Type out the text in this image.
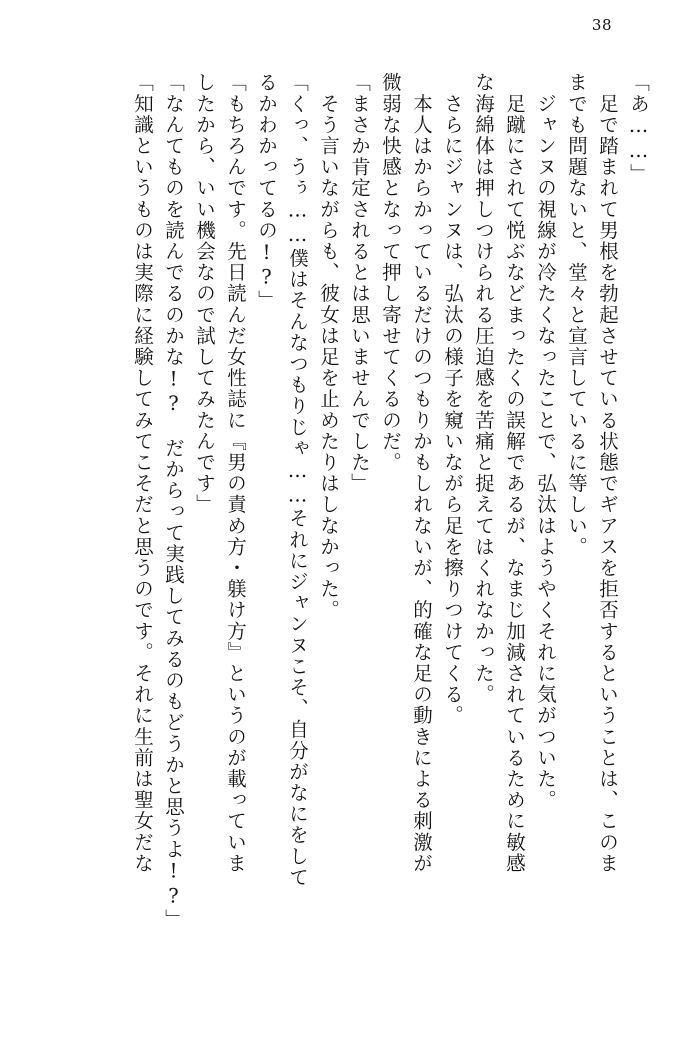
38
「あ……」
　足で踏まれて男根を勃起させている状態でギアスを拒否するということは、このま
までも問題ないと、堂々と宣言しているに等しい。
　ジャンヌの視線が冷たくなったことで、弘汰はようやくそれに気がついた。
　足蹴にされて悦ぶなどまったくの誤解であるが、なまじ加減されているために敏感
な海綿体は押しつけられる圧迫感を苦痛と捉えてはくれなかった。
　さらにジャンヌは、弘汰の様子を窺いながら足を擦りつけてくる。
　本人はからかっているだけのつもりかもしれないが、的確な足の動きによる刺激が
微弱な快感となって押し寄せてくるのだ。
「まさか肯定されるとは思いませんでした」
　そう言いながらも、彼女は足を止めたりはしなかった。
「くっ、うぅ……僕はそんなつもりじゃ……それにジャンヌこそ、自分がなにをして
るかわかってるの!?」
「もちろんです。先日読んだ女性誌に『男の責め方・躾け方』というのが載っていま
したから、いい機会なので試してみたんです」
「なんてものを読んでるのかな!?　だからって実践してみるのもどうかと思うよ!?」
「知識というものは実際に経験してみてこそだと思うのです。それに生前は聖女だな
